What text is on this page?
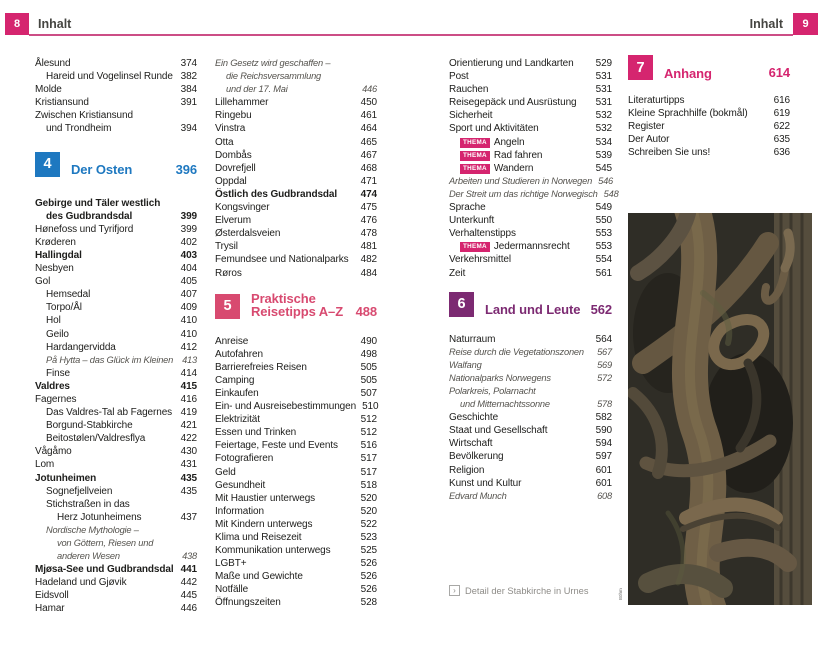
8	Inhalt	Inhalt	9
Ålesund	374
Hareid und Vogelinsel Runde 382
Molde	384
Kristiansund	391
Zwischen Kristiansund
und Trondheim	394
4	Der Osten	396
Gebirge und Täler westlich
des Gudbrandsdal	399
Hønefoss und Tyrifjord	399
Krøderen	402
Hallingdal	403
Nesbyen	404
Gol	405
Hemsedal	407
Torpo/Ål	409
Hol	410
Geilo	410
Hardangervidda	412
På Hytta – das Glück im Kleinen 413
Finse	414
Valdres	415
Fagernes	416
Das Valdres-Tal ab Fagernes 419
Borgund-Stabkirche	421
Beitostølen/Valdresflya	422
Vågåmo	430
Lom	431
Jotunheimen	435
Sognefjellveien	435
Stichstraßen in das
Herz Jotunheimens	437
Nordische Mythologie –
von Göttern, Riesen und
anderen Wesen	438
Mjøsa-See und Gudbrandsdal 441
Hadeland und Gjøvik	442
Eidsvoll	445
Hamar	446
Ein Gesetz wird geschaffen –
die Reichsversammlung
und der 17. Mai	446
Lillehammer	450
Ringebu	461
Vinstra	464
Otta	465
Dombås	467
Dovrefjell	468
Oppdal	471
Östlich des Gudbrandsdal	474
Kongsvinger	475
Elverum	476
Østerdalsveien	478
Trysil	481
Femundsee und Nationalparks	482
Røros	484
5	Praktische
Reisetipps A–Z 488
Anreise	490
Autofahren	498
Barrierefreies Reisen	505
Camping	505
Einkaufen	507
Ein- und Ausreisebestimmungen 510
Elektrizität	512
Essen und Trinken	512
Feiertage, Feste und Events	516
Fotografieren	517
Geld	517
Gesundheit	518
Mit Haustier unterwegs	520
Information	520
Mit Kindern unterwegs	522
Klima und Reisezeit	523
Kommunikation unterwegs	525
LGBT+	526
Maße und Gewichte	526
Notfälle	526
Öffnungszeiten	528
Orientierung und Landkarten	529
Post	531
Rauchen	531
Reisegepäck und Ausrüstung	531
Sicherheit	532
Sport und Aktivitäten	532
THEMA Angeln	534
THEMA Rad fahren	539
THEMA Wandern	545
Arbeiten und Studieren in Norwegen 546
Der Streit um das richtige Norwegisch 548
Sprache	549
Unterkunft	550
Verhaltenstipps	553
THEMA Jedermannsrecht	553
Verkehrsmittel	554
Zeit	561
6	Land und Leute 562
Naturraum	564
Reise durch die Vegetationszonen	567
Walfang	569
Nationalparks Norwegens	572
Polarkreis, Polarnacht
und Mitternachtssonne	578
Geschichte	582
Staat und Gesellschaft	590
Wirtschaft	594
Bevölkerung	597
Religion	601
Kunst und Kultur	601
Edvard Munch	608
7	Anhang	614
Literaturtipps	616
Kleine Sprachhilfe (bokmål)	619
Register	622
Der Autor	635
Schreiben Sie uns!	636
Böhm
› Detail der Stabkirche in Urnes
